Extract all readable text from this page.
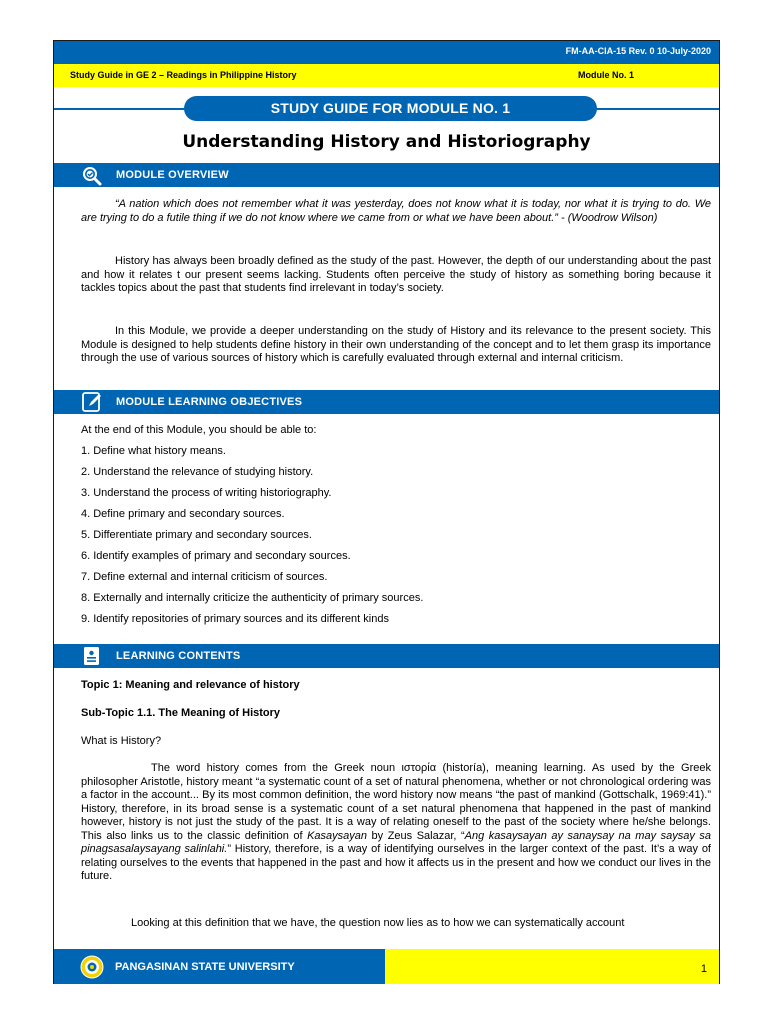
FM-AA-CIA-15 Rev. 0 10-July-2020
Study Guide in GE 2 – Readings in Philippine History	Module No. 1
STUDY GUIDE FOR MODULE NO. 1
Understanding History and Historiography
MODULE OVERVIEW
“A nation which does not remember what it was yesterday, does not know what it is today, nor what it is trying to do. We are trying to do a futile thing if we do not know where we came from or what we have been about.” - (Woodrow Wilson)
History has always been broadly defined as the study of the past. However, the depth of our understanding about the past and how it relates t our present seems lacking. Students often perceive the study of history as something boring because it tackles topics about the past that students find irrelevant in today’s society.
In this Module, we provide a deeper understanding on the study of History and its relevance to the present society. This Module is designed to help students define history in their own understanding of the concept and to let them grasp its importance through the use of various sources of history which is carefully evaluated through external and internal criticism.
MODULE LEARNING OBJECTIVES
At the end of this Module, you should be able to:
1. Define what history means.
2. Understand the relevance of studying history.
3. Understand the process of writing historiography.
4. Define primary and secondary sources.
5. Differentiate primary and secondary sources.
6. Identify examples of primary and secondary sources.
7. Define external and internal criticism of sources.
8. Externally and internally criticize the authenticity of primary sources.
9. Identify repositories of primary sources and its different kinds
LEARNING CONTENTS
Topic 1: Meaning and relevance of history
Sub-Topic 1.1. The Meaning of History
What is History?
The word history comes from the Greek noun ιστορία (historía), meaning learning. As used by the Greek philosopher Aristotle, history meant “a systematic count of a set of natural phenomena, whether or not chronological ordering was a factor in the account... By its most common definition, the word history now means “the past of mankind (Gottschalk, 1969:41).” History, therefore, in its broad sense is a systematic count of a set natural phenomena that happened in the past of mankind however, history is not just the study of the past. It is a way of relating oneself to the past of the society where he/she belongs. This also links us to the classic definition of Kasaysayan by Zeus Salazar, “Ang kasaysayan ay sanaysay na may saysay sa pinagsasalaysayang salinlahi.” History, therefore, is a way of identifying ourselves in the larger context of the past. It’s a way of relating ourselves to the events that happened in the past and how it affects us in the present and how we conduct our lives in the future.
Looking at this definition that we have, the question now lies as to how we can systematically account
PANGASINAN STATE UNIVERSITY	1
